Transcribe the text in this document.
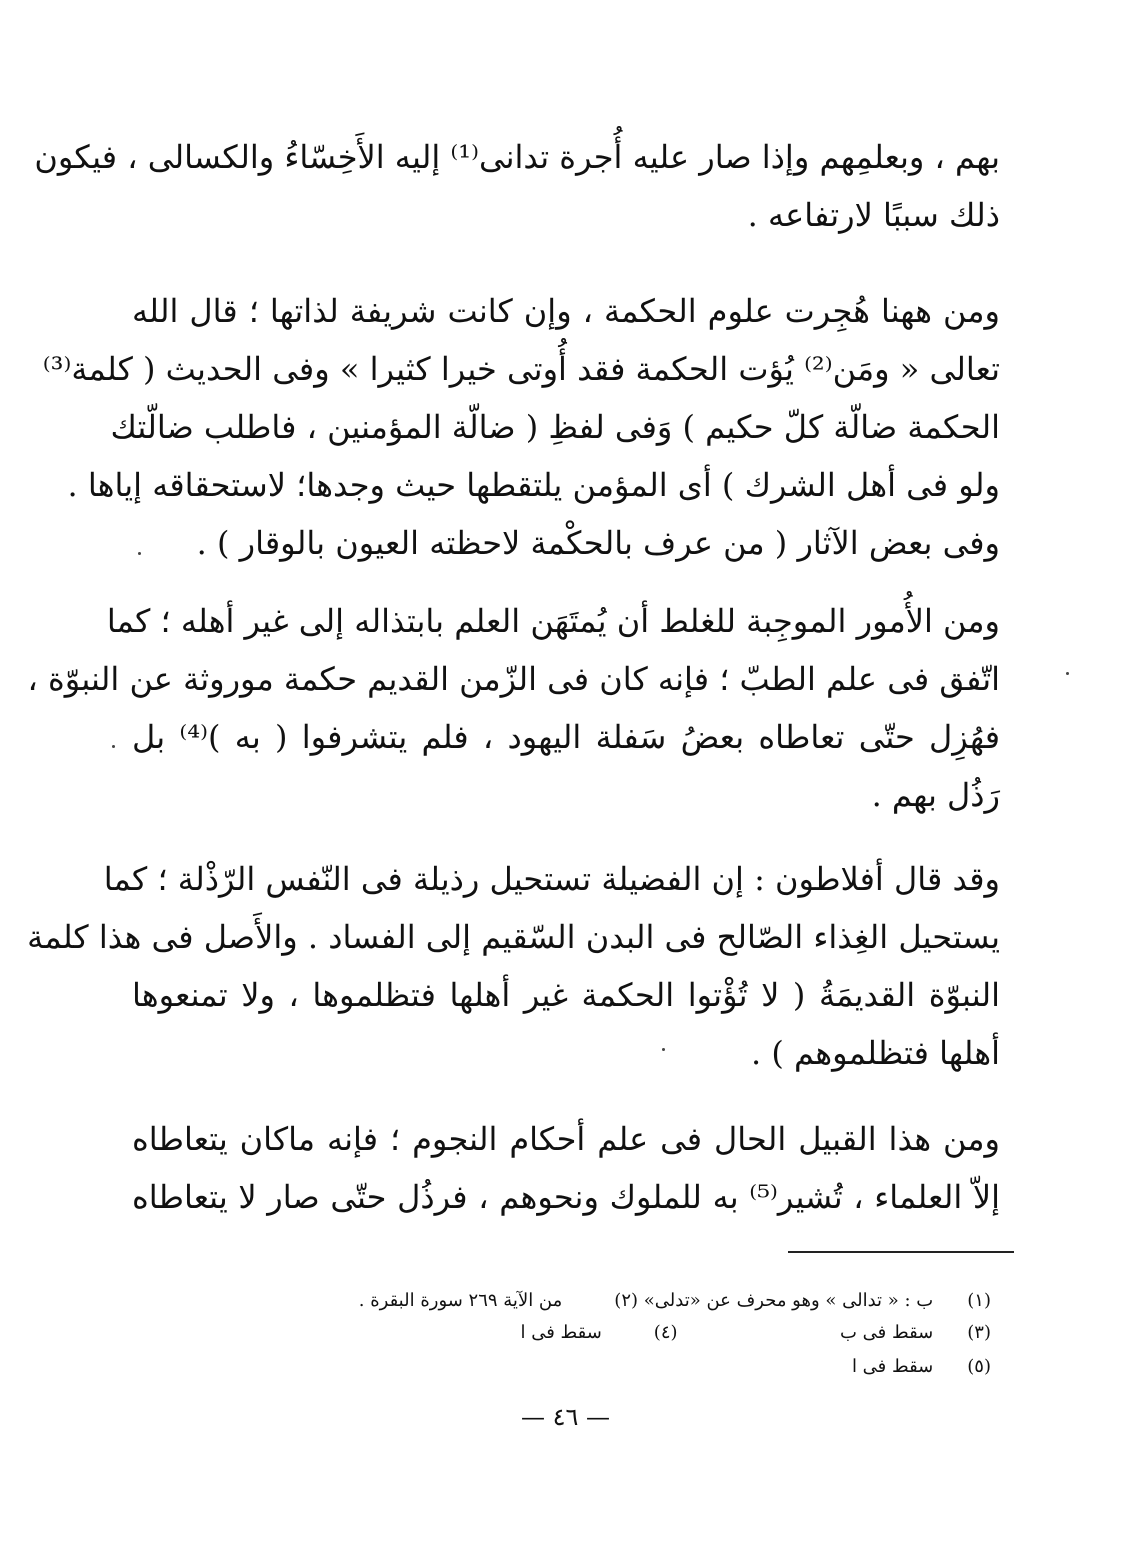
بهم ، وبعلمِهم وإذا صار عليه أُجرة تدانى⁽¹⁾ إليه الأَخِسّاءُ والكسالى ، فيكون
ذلك سببًا لارتفاعه .
ومن ههنا هُجِرت علوم الحكمة ، وإن كانت شريفة لذاتها ؛ قال الله
تعالى « ومَن⁽²⁾ يُؤت الحكمة فقد أُوتى خيرا كثيرا » وفى الحديث ( كلمة⁽³⁾
الحكمة ضالّة كلّ حكيم ) وَفى لفظِ ( ضالّة المؤمنين ، فاطلب ضالّتك
ولو فى أهل الشرك ) أى المؤمن يلتقطها حيث وجدها؛ لاستحقاقه إياها .
وفى بعض الآثار ( من عرف بالحكْمة لاحظته العيون بالوقار ) .
ومن الأُمور الموجِبة للغلط أن يُمتَهَن العلم بابتذاله إلى غير أهله ؛ كما
اتّفق فى علم الطبّ ؛ فإنه كان فى الزّمن القديم حكمة موروثة عن النبوّة ،
فهُزِل حتّى تعاطاه بعضُ سَفلة اليهود ، فلم يتشرفوا ( به )⁽⁴⁾ بل
رَذُل بهم .
وقد قال أفلاطون : إن الفضيلة تستحيل رذيلة فى النّفس الرّذْلة ؛ كما
يستحيل الغِذاء الصّالح فى البدن السّقيم إلى الفساد . والأَصل فى هذا كلمة
النبوّة القديمَةُ ( لا تُؤْتوا الحكمة غير أهلها فتظلموها ، ولا تمنعوها
أهلها فتظلموهم ) .
ومن هذا القبيل الحال فى علم أحكام النجوم ؛ فإنه ماكان يتعاطاه
إلاّ العلماء ، تُشير⁽⁵⁾ به للملوك ونحوهم ، فرذُل حتّى صار لا يتعاطاه
(١) ب : « تدالى » وهو محرف عن «تدلى» (٢) من الآية ٢٦٩ سورة البقرة .
(٣) سقط فى ب (٤) سقط فى ا
(٥) سقط فى ا
— ٤٦ —
